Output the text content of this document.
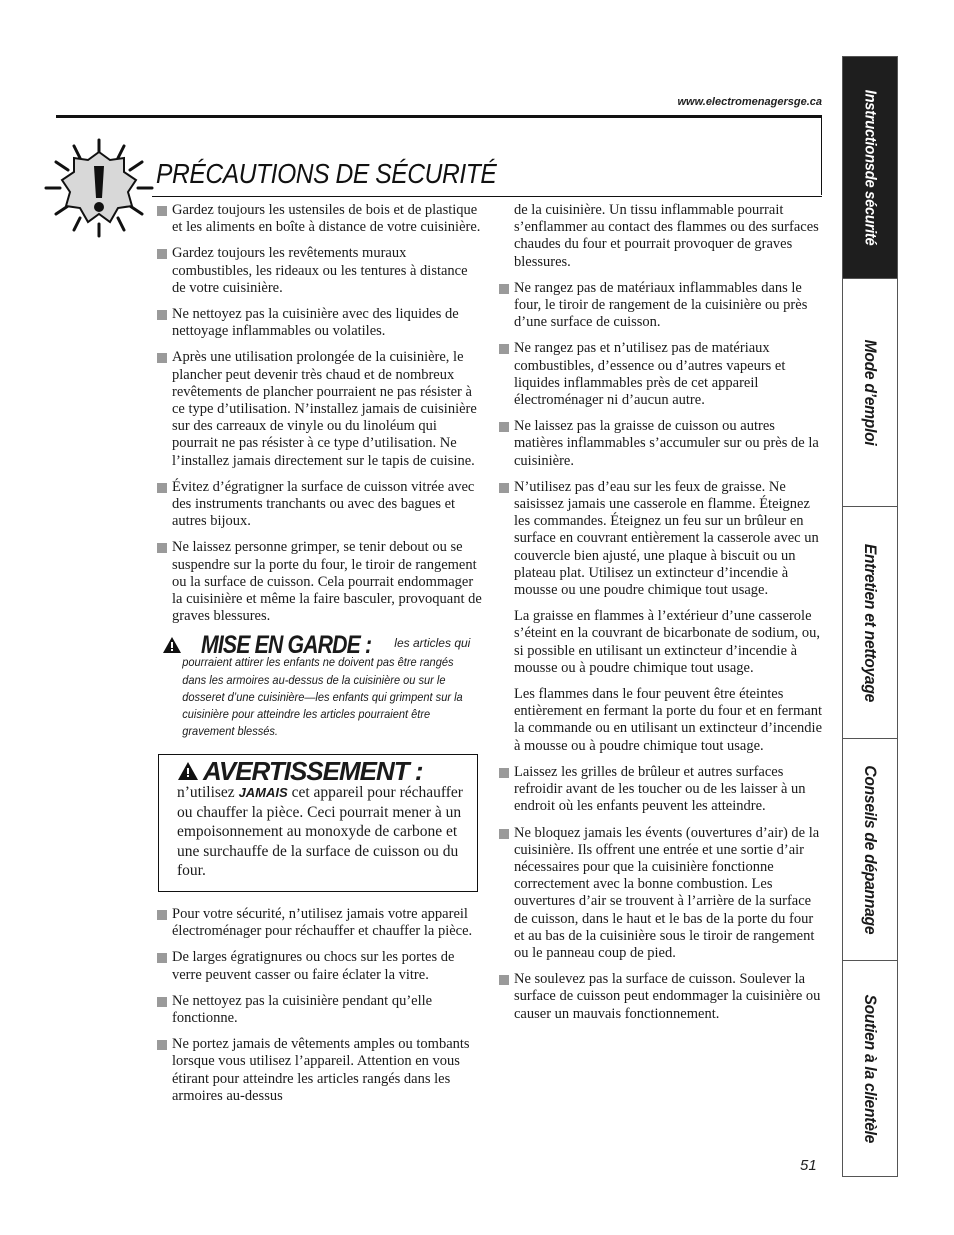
www.electromenagersge.ca
PRÉCAUTIONS DE SÉCURITÉ
Gardez toujours les ustensiles de bois et de plastique et les aliments en boîte à distance de votre cuisinière.
Gardez toujours les revêtements muraux combustibles, les rideaux ou les tentures à distance de votre cuisinière.
Ne nettoyez pas la cuisinière avec des liquides de nettoyage inflammables ou volatiles.
Après une utilisation prolongée de la cuisinière, le plancher peut devenir très chaud et de nombreux revêtements de plancher pourraient ne pas résister à ce type d’utilisation. N’installez jamais de cuisinière sur des carreaux de vinyle ou du linoléum qui pourrait ne pas résister à ce type d’utilisation. Ne l’installez jamais directement sur le tapis de cuisine.
Évitez d’égratigner la surface de cuisson vitrée avec des instruments tranchants ou avec des bagues et autres bijoux.
Ne laissez personne grimper, se tenir debout ou se suspendre sur la porte du four, le tiroir de rangement ou la surface de cuisson. Cela pourrait endommager la cuisinière et même la faire basculer, provoquant de graves blessures.
MISE EN GARDE : les articles qui
pourraient attirer les enfants ne doivent pas être rangés dans les armoires au-dessus de la cuisinière ou sur le dosseret d’une cuisinière—les enfants qui grimpent sur la cuisinière pour atteindre les articles pourraient être gravement blessés.
AVERTISSEMENT :
n’utilisez JAMAIS cet appareil pour réchauffer ou chauffer la pièce. Ceci pourrait mener à un empoisonnement au monoxyde de carbone et une surchauffe de la surface de cuisson ou du four.
Pour votre sécurité, n’utilisez jamais votre appareil électroménager pour réchauffer et chauffer la pièce.
De larges égratignures ou chocs sur les portes de verre peuvent casser ou faire éclater la vitre.
Ne nettoyez pas la cuisinière pendant qu’elle fonctionne.
Ne portez jamais de vêtements amples ou tombants lorsque vous utilisez l’appareil. Attention en vous étirant pour atteindre les articles rangés dans les armoires au-dessus
de la cuisinière. Un tissu inflammable pourrait s’enflammer au contact des flammes ou des surfaces chaudes du four et pourrait provoquer de graves blessures.
Ne rangez pas de matériaux inflammables dans le four, le tiroir de rangement de la cuisinière ou près d’une surface de cuisson.
Ne rangez pas et n’utilisez pas de matériaux combustibles, d’essence ou d’autres vapeurs et liquides inflammables près de cet appareil électroménager ni d’aucun autre.
Ne laissez pas la graisse de cuisson ou autres matières inflammables s’accumuler sur ou près de la cuisinière.
N’utilisez pas d’eau sur les feux de graisse. Ne saisissez jamais une casserole en flamme. Éteignez les commandes. Éteignez un feu sur un brûleur en surface en couvrant entièrement la casserole avec un couvercle bien ajusté, une plaque à biscuit ou un plateau plat. Utilisez un extincteur d’incendie à mousse ou une poudre chimique tout usage.
La graisse en flammes à l’extérieur d’une casserole s’éteint en la couvrant de bicarbonate de sodium, ou, si possible en utilisant un extincteur d’incendie à mousse ou à poudre chimique tout usage.
Les flammes dans le four peuvent être éteintes entièrement en fermant la porte du four et en fermant la commande ou en utilisant un extincteur d’incendie à mousse ou à poudre chimique tout usage.
Laissez les grilles de brûleur et autres surfaces refroidir avant de les toucher ou de les laisser à un endroit où les enfants peuvent les atteindre.
Ne bloquez jamais les évents (ouvertures d’air) de la cuisinière. Ils offrent une entrée et une sortie d’air nécessaires pour que la cuisinière fonctionne correctement avec la bonne combustion. Les ouvertures d’air se trouvent à l’arrière de la surface de cuisson, dans le haut et le bas de la porte du four et au bas de la cuisinière sous le tiroir de rangement ou le panneau coup de pied.
Ne soulevez pas la surface de cuisson. Soulever la surface de cuisson peut endommager la cuisinière ou causer un mauvais fonctionnement.
Instructions
de sécurité
Mode d’emploi
Entretien et nettoyage
Conseils de dépannage
Soutien à la clientèle
51
